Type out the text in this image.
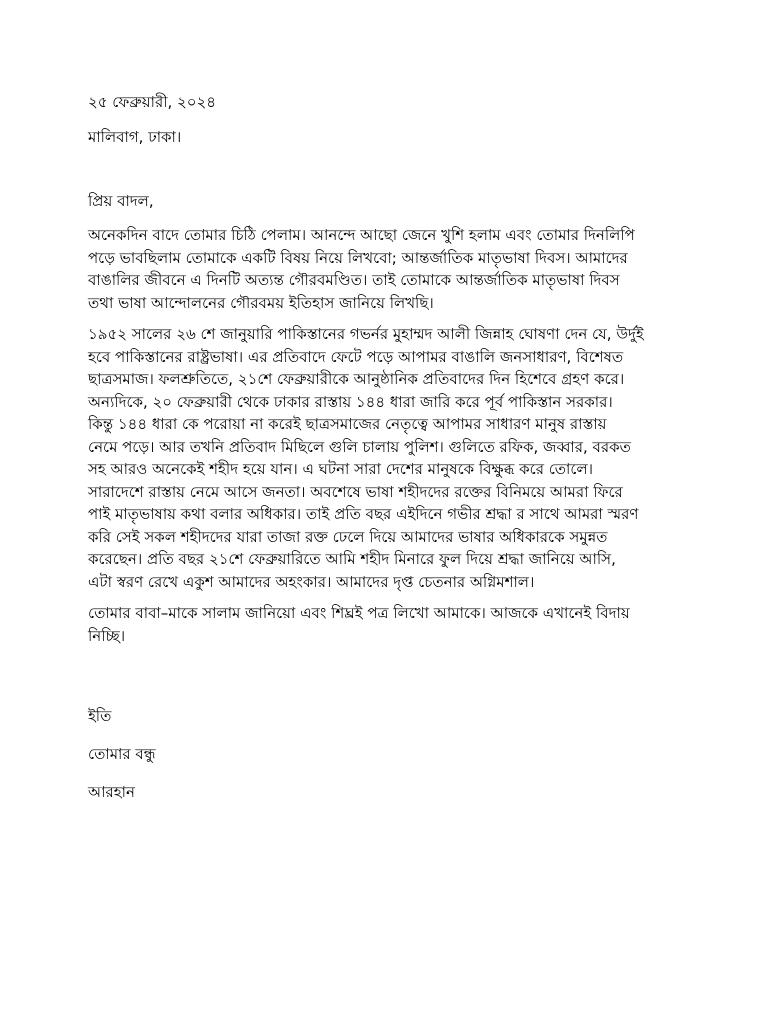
২৫ ফেব্রুয়ারী, ২০২৪

মালিবাগ, ঢাকা।

প্রিয় বাদল,

অনেকদিন বাদে তোমার চিঠি পেলাম। আনন্দে আছো জেনে খুশি হলাম এবং তোমার দিনলিপি
পড়ে ভাবছিলাম তোমাকে একটি বিষয় নিয়ে লিখবো; আন্তর্জাতিক মাতৃভাষা দিবস। আমাদের
বাঙালির জীবনে এ দিনটি অত্যন্ত গৌরবমণ্ডিত। তাই তোমাকে আন্তর্জাতিক মাতৃভাষা দিবস
তথা ভাষা আন্দোলনের গৌরবময় ইতিহাস জানিয়ে লিখছি।
১৯৫২ সালের ২৬ শে জানুয়ারি পাকিস্তানের গভর্নর মুহাম্মদ আলী জিন্নাহ ঘোষণা দেন যে, উর্দুই
হবে পাকিস্তানের রাষ্ট্রভাষা। এর প্রতিবাদে ফেটে পড়ে আপামর বাঙালি জনসাধারণ, বিশেষত
ছাত্রসমাজ। ফলশ্রুতিতে, ২১শে ফেব্রুয়ারীকে আনুষ্ঠানিক প্রতিবাদের দিন হিশেবে গ্রহণ করে।
অন্যদিকে, ২০ ফেব্রুয়ারী থেকে ঢাকার রাস্তায় ১৪৪ ধারা জারি করে পূর্ব পাকিস্তান সরকার।
কিন্তু ১৪৪ ধারা কে পরোয়া না করেই ছাত্রসমাজের নেতৃত্বে আপামর সাধারণ মানুষ রাস্তায়
নেমে পড়ে। আর তখনি প্রতিবাদ মিছিলে গুলি চালায় পুলিশ। গুলিতে রফিক, জব্বার, বরকত
সহ আরও অনেকেই শহীদ হয়ে যান। এ ঘটনা সারা দেশের মানুষকে বিক্ষুব্ধ করে তোলে।
সারাদেশে রাস্তায় নেমে আসে জনতা। অবশেষে ভাষা শহীদদের রক্তের বিনিময়ে আমরা ফিরে
পাই মাতৃভাষায় কথা বলার অধিকার। তাই প্রতি বছর এইদিনে গভীর শ্রদ্ধা র সাথে আমরা স্মরণ
করি সেই সকল শহীদদের যারা তাজা রক্ত ঢেলে দিয়ে আমাদের ভাষার অধিকারকে সমুন্নত
করেছেন। প্রতি বছর ২১শে ফেব্রুয়ারিতে আমি শহীদ মিনারে ফুল দিয়ে শ্রদ্ধা জানিয়ে আসি,
এটা স্বরণ রেখে একুশ আমাদের অহংকার। আমাদের দৃপ্ত চেতনার অগ্নিমশাল।
তোমার বাবা–মাকে সালাম জানিয়ো এবং শিঘ্রই পত্র লিখো আমাকে। আজকে এখানেই বিদায়
নিচ্ছি।

ইতি

তোমার বন্ধু

আরহান
